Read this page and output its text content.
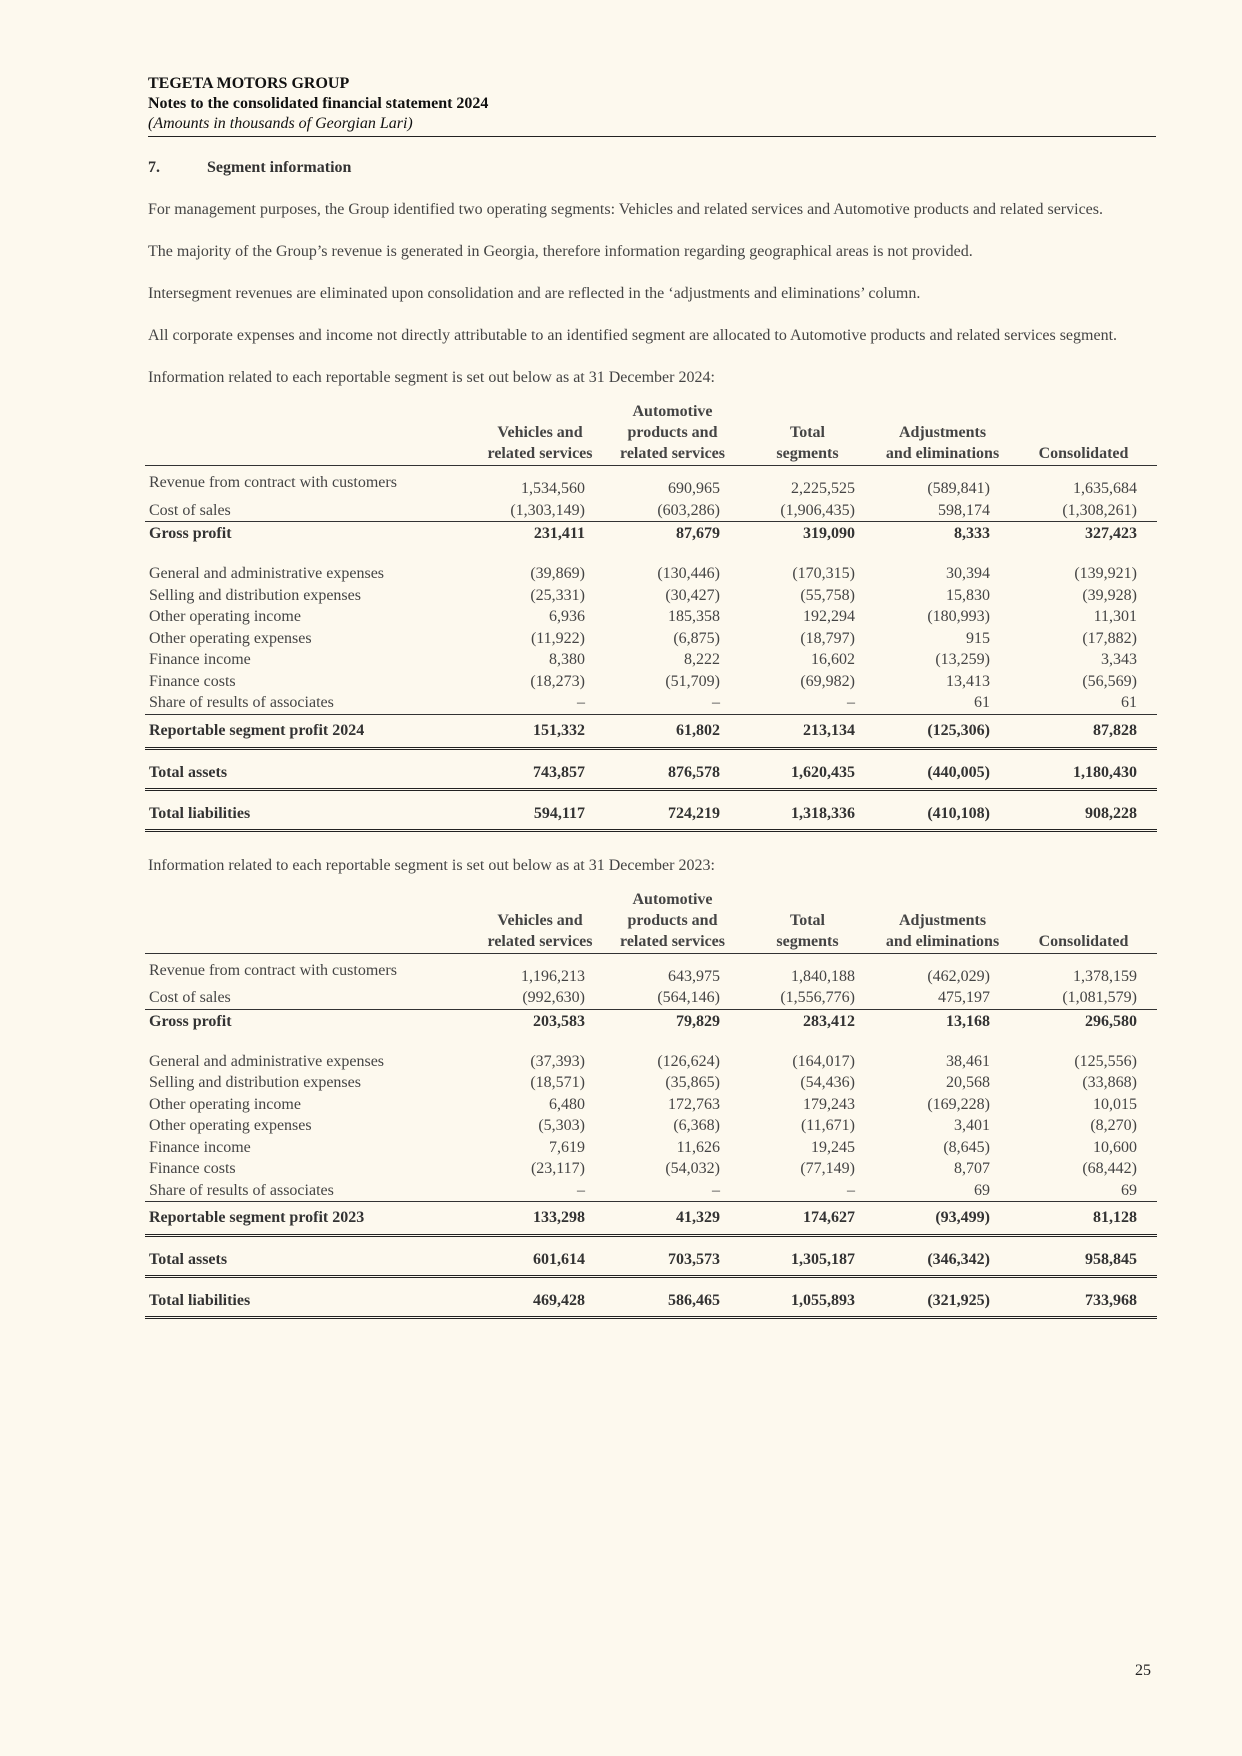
TEGETA MOTORS GROUP
Notes to the consolidated financial statement 2024
(Amounts in thousands of Georgian Lari)
7.	Segment information

For management purposes, the Group identified two operating segments: Vehicles and related services and Automotive products and related services.

The majority of the Group’s revenue is generated in Georgia, therefore information regarding geographical areas is not provided.

Intersegment revenues are eliminated upon consolidation and are reflected in the ‘adjustments and eliminations’ column.

All corporate expenses and income not directly attributable to an identified segment are allocated to Automotive products and related services segment.

Information related to each reportable segment is set out below as at 31 December 2024:

	Vehicles and
related services	Automotive
products and
related services	Total
segments	Adjustments
and eliminations	Consolidated
Revenue from contract with customers	1,534,560	690,965	2,225,525	(589,841)	1,635,684
Cost of sales	(1,303,149)	(603,286)	(1,906,435)	598,174	(1,308,261)
Gross profit	231,411	87,679	319,090	8,333	327,423

General and administrative expenses	(39,869)	(130,446)	(170,315)	30,394	(139,921)
Selling and distribution expenses	(25,331)	(30,427)	(55,758)	15,830	(39,928)
Other operating income	6,936	185,358	192,294	(180,993)	11,301
Other operating expenses	(11,922)	(6,875)	(18,797)	915	(17,882)
Finance income	8,380	8,222	16,602	(13,259)	3,343
Finance costs	(18,273)	(51,709)	(69,982)	13,413	(56,569)
Share of results of associates	–	–	–	61	61
Reportable segment profit 2024	151,332	61,802	213,134	(125,306)	87,828

Total assets	743,857	876,578	1,620,435	(440,005)	1,180,430

Total liabilities	594,117	724,219	1,318,336	(410,108)	908,228

Information related to each reportable segment is set out below as at 31 December 2023:

	Vehicles and
related services	Automotive
products and
related services	Total
segments	Adjustments
and eliminations	Consolidated
Revenue from contract with customers	1,196,213	643,975	1,840,188	(462,029)	1,378,159
Cost of sales	(992,630)	(564,146)	(1,556,776)	475,197	(1,081,579)
Gross profit	203,583	79,829	283,412	13,168	296,580

General and administrative expenses	(37,393)	(126,624)	(164,017)	38,461	(125,556)
Selling and distribution expenses	(18,571)	(35,865)	(54,436)	20,568	(33,868)
Other operating income	6,480	172,763	179,243	(169,228)	10,015
Other operating expenses	(5,303)	(6,368)	(11,671)	3,401	(8,270)
Finance income	7,619	11,626	19,245	(8,645)	10,600
Finance costs	(23,117)	(54,032)	(77,149)	8,707	(68,442)
Share of results of associates	–	–	–	69	69
Reportable segment profit 2023	133,298	41,329	174,627	(93,499)	81,128

Total assets	601,614	703,573	1,305,187	(346,342)	958,845

Total liabilities	469,428	586,465	1,055,893	(321,925)	733,968
25
